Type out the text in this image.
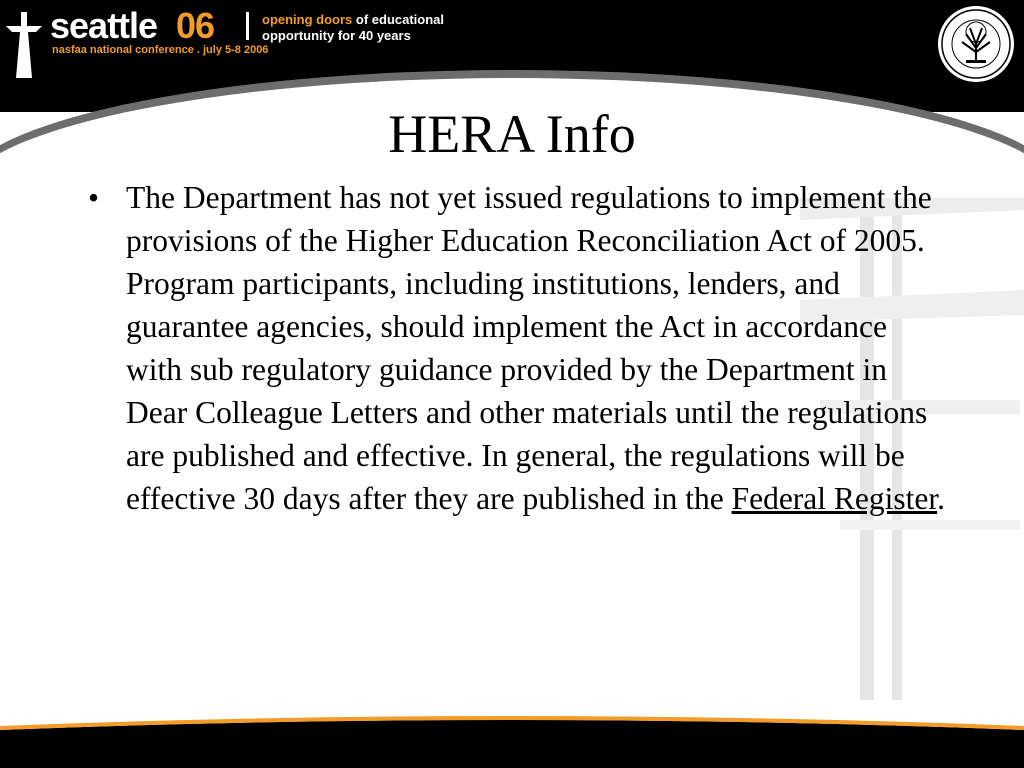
seattle 06
nasfaa national conference . july 5-8 2006
opening doors of educational
opportunity for 40 years
HERA Info
• The Department has not yet issued regulations to implement the provisions of the Higher Education Reconciliation Act of 2005. Program participants, including institutions, lenders, and guarantee agencies, should implement the Act in accordance with sub regulatory guidance provided by the Department in Dear Colleague Letters and other materials until the regulations are published and effective. In general, the regulations will be effective 30 days after they are published in the Federal Register.
